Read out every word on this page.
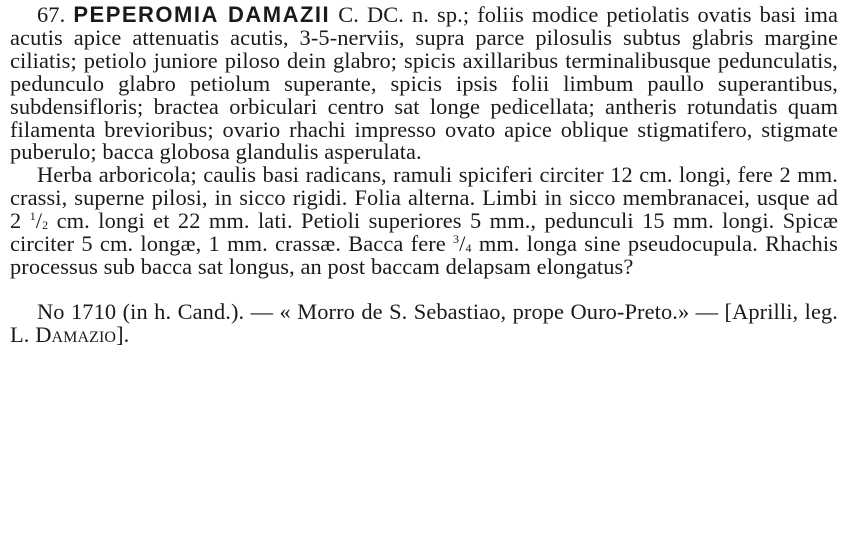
67. PEPEROMIA DAMAZII C. DC. n. sp.; foliis modice petiolatis ovatis basi ima acutis apice attenuatis acutis, 3-5-nerviis, supra parce pilosulis subtus glabris margine ciliatis; petiolo juniore piloso dein glabro; spicis axillaribus terminalibusque pedunculatis, pedunculo glabro petiolum superante, spicis ipsis folii limbum paullo superantibus, subdensifloris; bractea orbiculari centro sat longe pedicellata; antheris rotundatis quam filamenta brevioribus; ovario rhachi impresso ovato apice oblique stigmatifero, stigmate puberulo; bacca globosa glandulis asperulata.

Herba arboricola; caulis basi radicans, ramuli spiciferi circiter 12 cm. longi, fere 2 mm. crassi, superne pilosi, in sicco rigidi. Folia alterna. Limbi in sicco membranacei, usque ad 2 $^1/_2$ cm. longi et 22 mm. lati. Petioli superiores 5 mm., pedunculi 15 mm. longi. Spicæ circiter 5 cm. longæ, 1 mm. crassæ. Bacca fere $^3/_4$ mm. longa sine pseudocupula. Rhachis processus sub bacca sat longus, an post baccam delapsam elongatus?

No 1710 (in h. Cand.). — « Morro de S. Sebastiao, prope Ouro-Preto.» — [Aprilli, leg. L. Damazio].
